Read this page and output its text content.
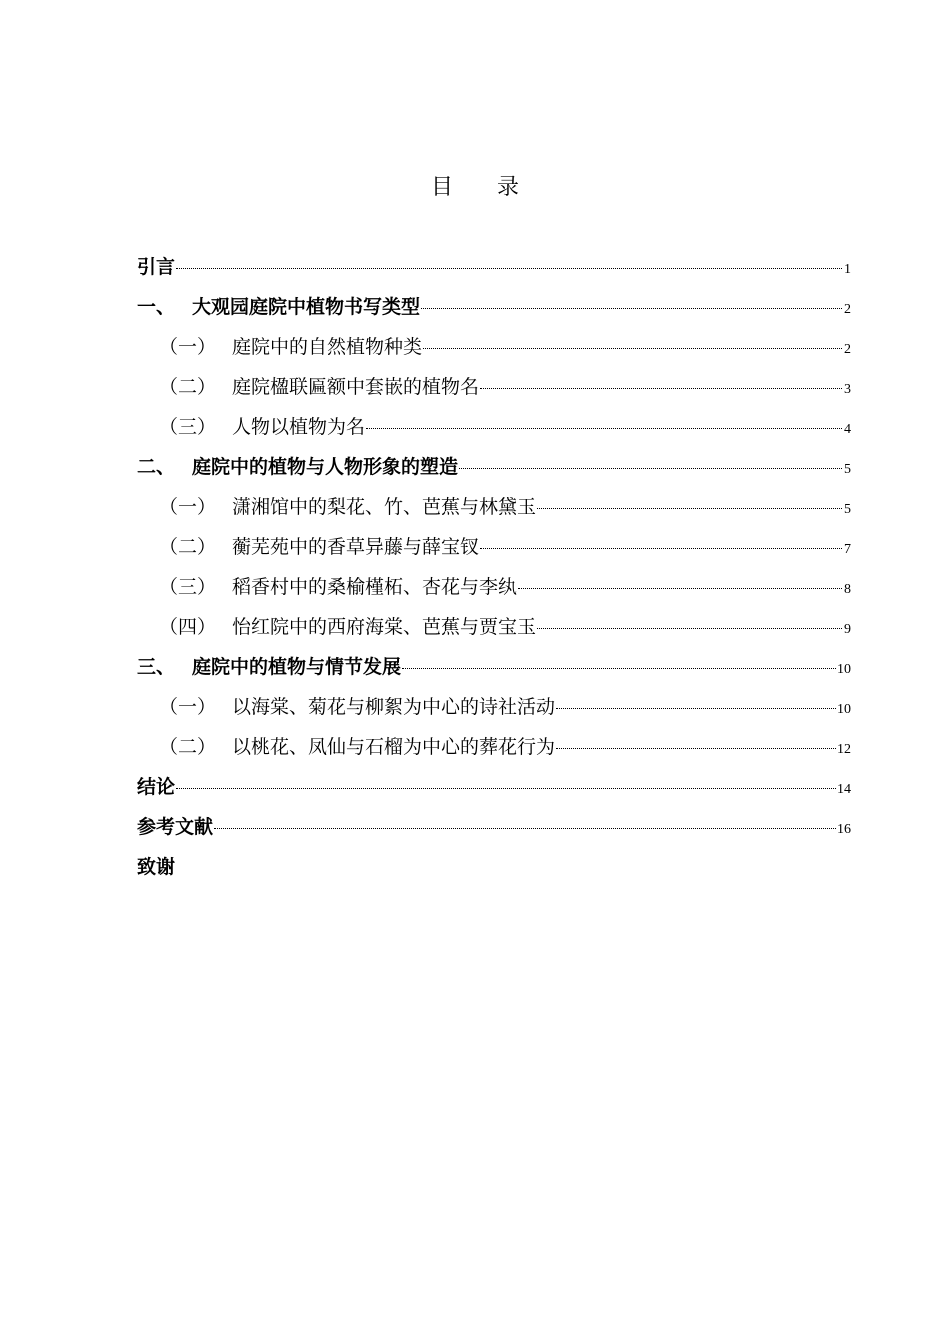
目 录
引言	1
一、 大观园庭院中植物书写类型	2
（一） 庭院中的自然植物种类	2
（二） 庭院楹联匾额中套嵌的植物名	3
（三） 人物以植物为名	4
二、 庭院中的植物与人物形象的塑造	5
（一） 潇湘馆中的梨花、竹、芭蕉与林黛玉	5
（二） 蘅芜苑中的香草异藤与薛宝钗	7
（三） 稻香村中的桑榆槿柘、杏花与李纨	8
（四） 怡红院中的西府海棠、芭蕉与贾宝玉	9
三、 庭院中的植物与情节发展	10
（一） 以海棠、菊花与柳絮为中心的诗社活动	10
（二） 以桃花、凤仙与石榴为中心的葬花行为	12
结论	14
参考文献	16
致谢
